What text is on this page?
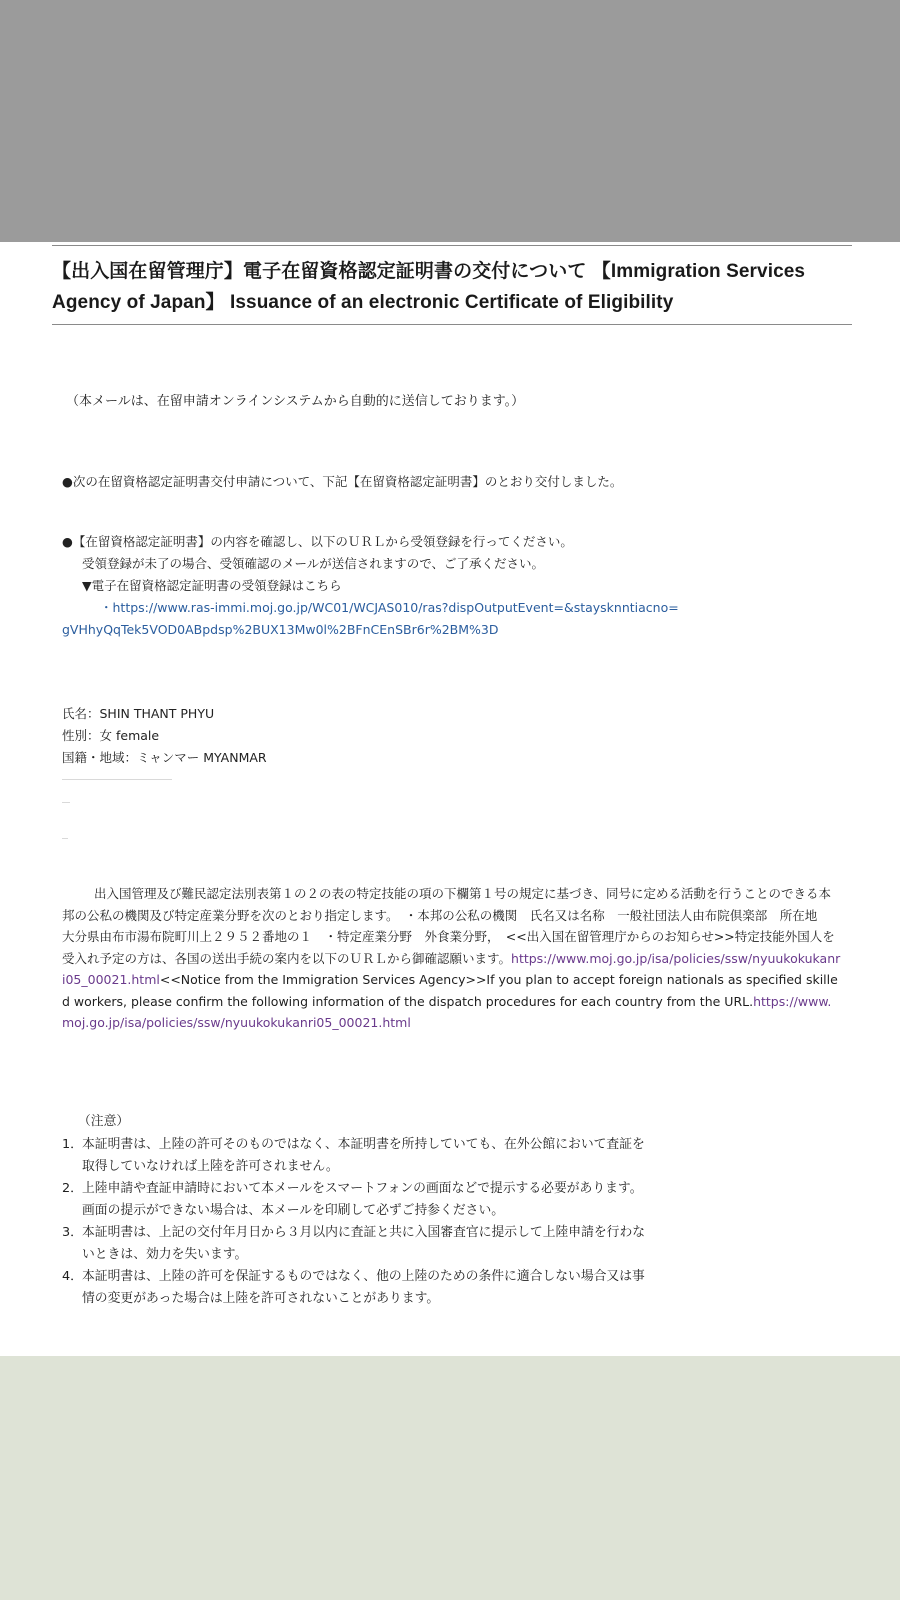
【出入国在留管理庁】電子在留資格認定証明書の交付について 【Immigration Services Agency of Japan】 Issuance of an electronic Certificate of Eligibility
（本メールは、在留申請オンラインシステムから自動的に送信しております。）
●次の在留資格認定証明書交付申請について、下記【在留資格認定証明書】のとおり交付しました。
●【在留資格認定証明書】の内容を確認し、以下のＵＲＬから受領登録を行ってください。
受領登録が未了の場合、受領確認のメールが送信されますので、ご了承ください。
▼電子在留資格認定証明書の受領登録はこちら
・https://www.ras-immi.moj.go.jp/WC01/WCJAS010/ras?dispOutputEvent=&staysknntiacno=
gVHhyQqTek5VOD0ABpdsp%2BUX13Mw0l%2BFnCEnSBr6r%2BM%3D
氏名：SHIN THANT PHYU
性別：女 female
国籍・地域：ミャンマー MYANMAR
出入国管理及び難民認定法別表第１の２の表の特定技能の項の下欄第１号の規定に基づき、同号に定める活動を行うことのできる本邦の公私の機関及び特定産業分野を次のとおり指定します。　・本邦の公私の機関　氏名又は名称　一般社団法人由布院倶楽部　所在地　大分県由布市湯布院町川上２９５２番地の１　・特定産業分野　外食業分野，　<<出入国在留管理庁からのお知らせ>>特定技能外国人を受入れ予定の方は、各国の送出手続の案内を以下のＵＲＬから御確認願います。https://www.moj.go.jp/isa/policies/ssw/nyuukokukanri05_00021.html<<Notice from the Immigration Services Agency>>If you plan to accept foreign nationals as specified skilled workers, please confirm the following information of the dispatch procedures for each country from the URL.https://www.moj.go.jp/isa/policies/ssw/nyuukokukanri05_00021.html
（注意）
1．本証明書は、上陸の許可そのものではなく、本証明書を所持していても、在外公館において査証を
取得していなければ上陸を許可されません。
2．上陸申請や査証申請時において本メールをスマートフォンの画面などで提示する必要があります。
画面の提示ができない場合は、本メールを印刷して必ずご持参ください。
3．本証明書は、上記の交付年月日から３月以内に査証と共に入国審査官に提示して上陸申請を行わな
いときは、効力を失います。
4．本証明書は、上陸の許可を保証するものではなく、他の上陸のための条件に適合しない場合又は事
情の変更があった場合は上陸を許可されないことがあります。
